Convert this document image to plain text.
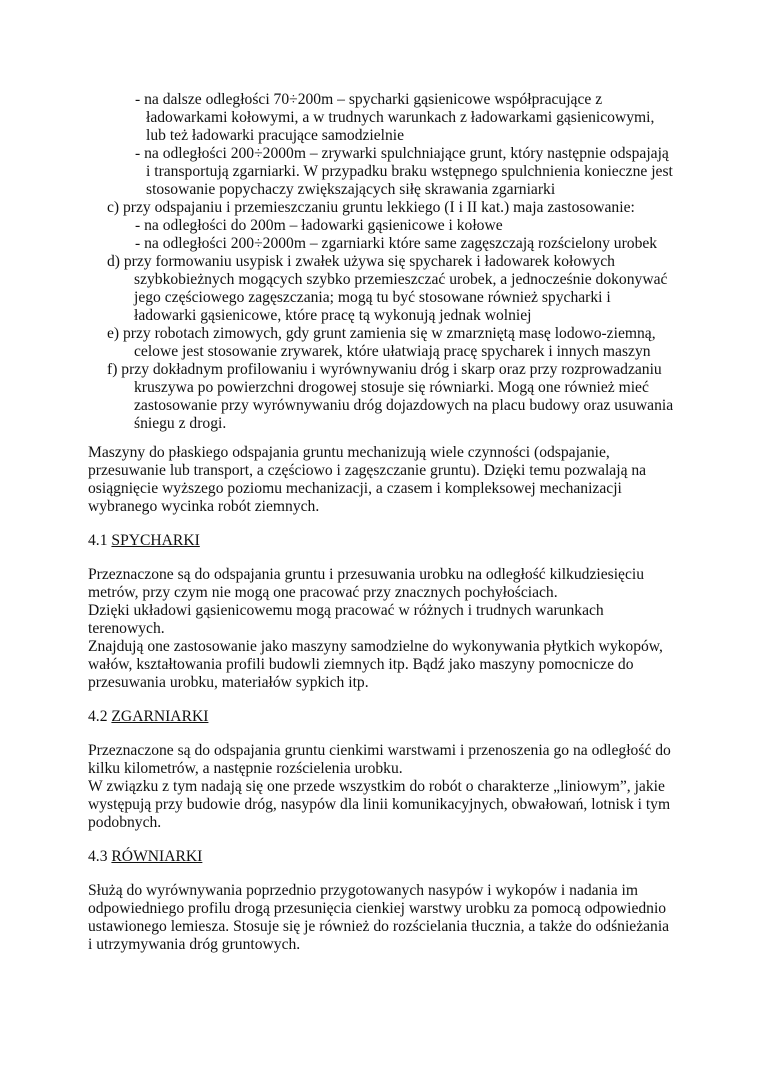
- na dalsze odległości 70÷200m – spycharki gąsienicowe współpracujące z
ładowarkami kołowymi, a w trudnych warunkach z ładowarkami gąsienicowymi,
lub też ładowarki pracujące samodzielnie
- na odległości 200÷2000m – zrywarki spulchniające grunt, który następnie odspajają
i transportują zgarniarki. W przypadku braku wstępnego spulchnienia konieczne jest
stosowanie popychaczy zwiększających siłę skrawania zgarniarki
c) przy odspajaniu i przemieszczaniu gruntu lekkiego (I i II kat.) maja zastosowanie:
- na odległości do 200m – ładowarki gąsienicowe i kołowe
- na odległości 200÷2000m – zgarniarki które same zagęszczają rozścielony urobek
d) przy formowaniu usypisk i zwałek używa się spycharek i ładowarek kołowych
szybkobieżnych mogących szybko przemieszczać urobek, a jednocześnie dokonywać
jego częściowego zagęszczania; mogą tu być stosowane również spycharki i
ładowarki gąsienicowe, które pracę tą wykonują jednak wolniej
e) przy robotach zimowych, gdy grunt zamienia się w zmarzniętą masę lodowo-ziemną,
celowe jest stosowanie zrywarek, które ułatwiają pracę spycharek i innych maszyn
f) przy dokładnym profilowaniu i wyrównywaniu dróg i skarp oraz przy rozprowadzaniu
kruszywa po powierzchni drogowej stosuje się równiarki. Mogą one również mieć
zastosowanie przy wyrównywaniu dróg dojazdowych na placu budowy oraz usuwania
śniegu z drogi.
Maszyny do płaskiego odspajania gruntu mechanizują wiele czynności (odspajanie,
przesuwanie lub transport, a częściowo i zagęszczanie gruntu). Dzięki temu pozwalają na
osiągnięcie wyższego poziomu mechanizacji, a czasem i kompleksowej mechanizacji
wybranego wycinka robót ziemnych.
4.1 SPYCHARKI
Przeznaczone są do odspajania gruntu i przesuwania urobku na odległość kilkudziesięciu
metrów, przy czym nie mogą one pracować przy znacznych pochyłościach.
Dzięki układowi gąsienicowemu mogą pracować w różnych i trudnych warunkach
terenowych.
Znajdują one zastosowanie jako maszyny samodzielne do wykonywania płytkich wykopów,
wałów, kształtowania profili budowli ziemnych itp. Bądź jako maszyny pomocnicze do
przesuwania urobku, materiałów sypkich itp.
4.2 ZGARNIARKI
Przeznaczone są do odspajania gruntu cienkimi warstwami i przenoszenia go na odległość do
kilku kilometrów, a następnie rozścielenia urobku.
W związku z tym nadają się one przede wszystkim do robót o charakterze „liniowym”, jakie
występują przy budowie dróg, nasypów dla linii komunikacyjnych, obwałowań, lotnisk i tym
podobnych.
4.3 RÓWNIARKI
Służą do wyrównywania poprzednio przygotowanych nasypów i wykopów i nadania im
odpowiedniego profilu drogą przesunięcia cienkiej warstwy urobku za pomocą odpowiednio
ustawionego lemiesza. Stosuje się je również do rozścielania tłucznia, a także do odśnieżania
i utrzymywania dróg gruntowych.
